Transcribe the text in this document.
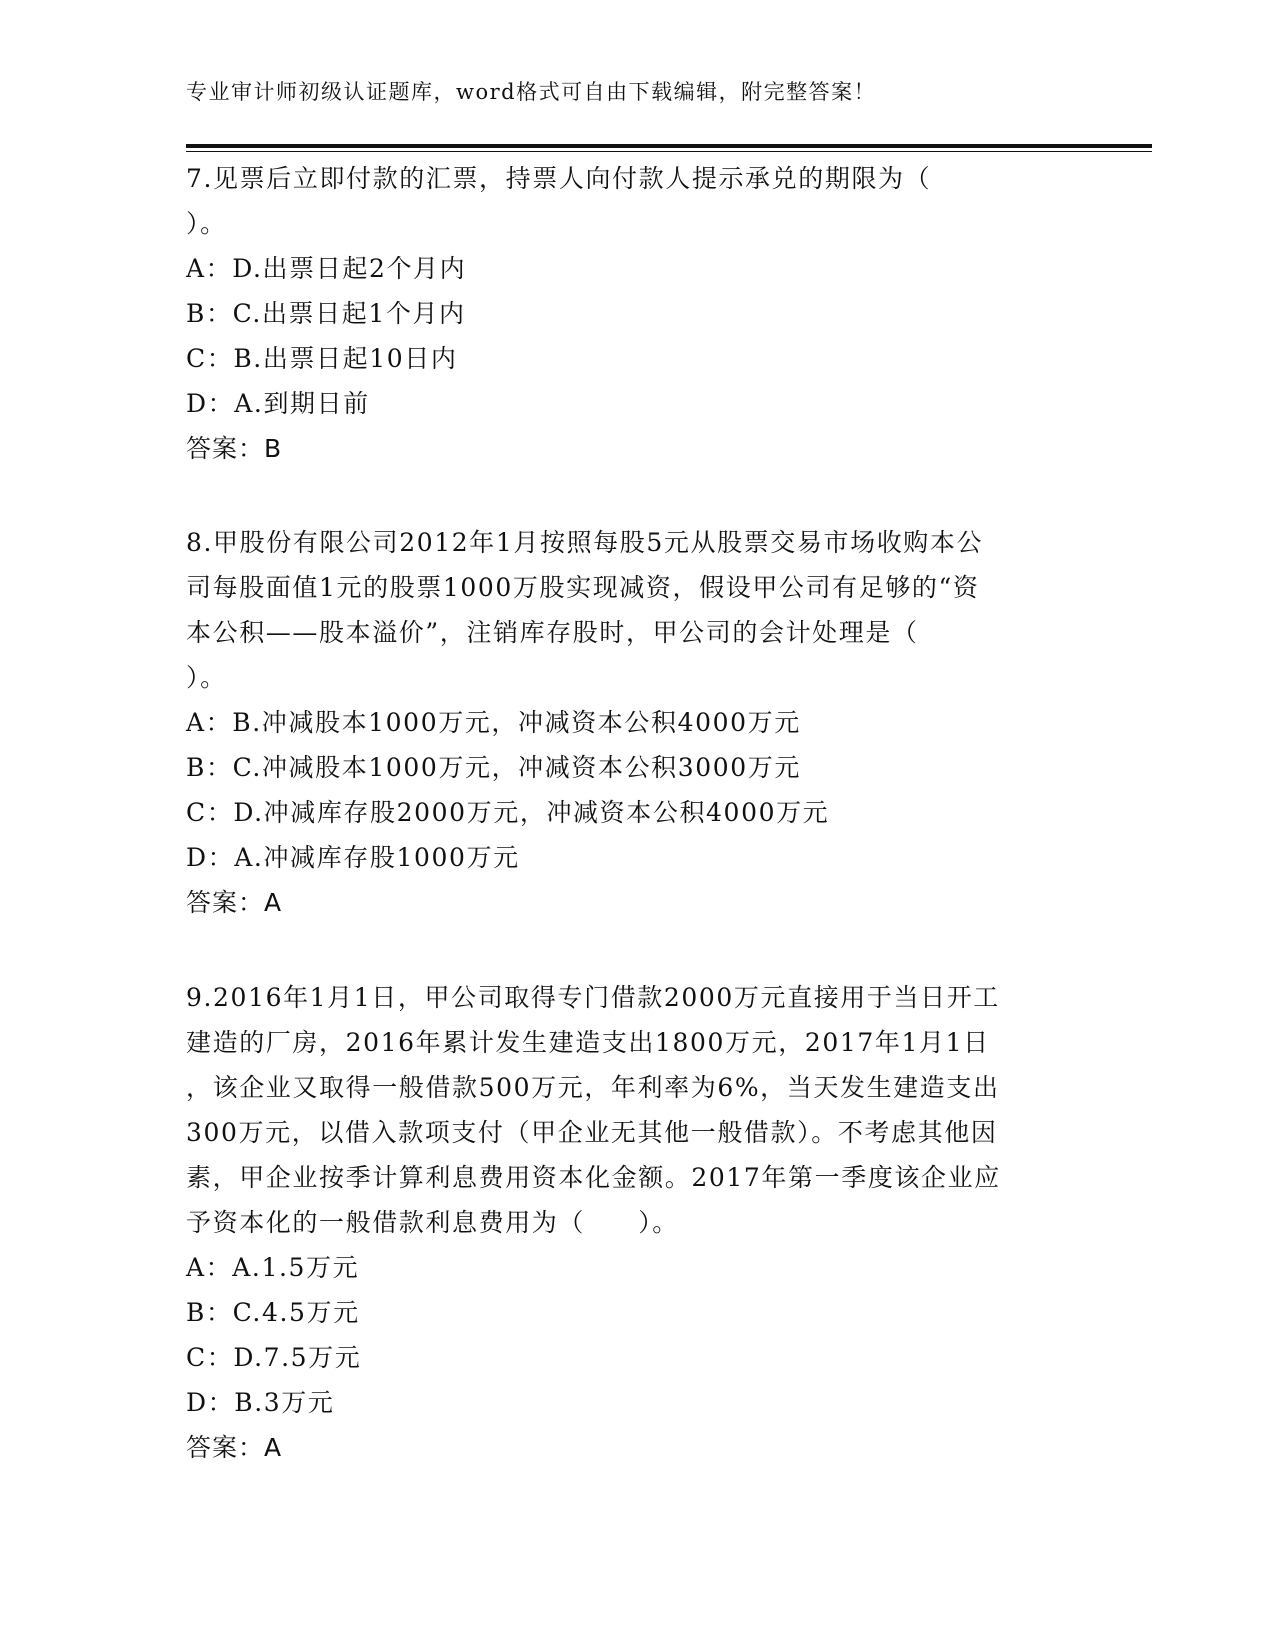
专业审计师初级认证题库，word格式可自由下载编辑，附完整答案！
7.见票后立即付款的汇票，持票人向付款人提示承兑的期限为（
）。
A：D.出票日起2个月内
B：C.出票日起1个月内
C：B.出票日起10日内
D：A.到期日前
答案：B
8.甲股份有限公司2012年1月按照每股5元从股票交易市场收购本公
司每股面值1元的股票1000万股实现减资，假设甲公司有足够的“资
本公积——股本溢价”，注销库存股时，甲公司的会计处理是（
）。
A：B.冲减股本1000万元，冲减资本公积4000万元
B：C.冲减股本1000万元，冲减资本公积3000万元
C：D.冲减库存股2000万元，冲减资本公积4000万元
D：A.冲减库存股1000万元
答案：A
9.2016年1月1日，甲公司取得专门借款2000万元直接用于当日开工
建造的厂房，2016年累计发生建造支出1800万元，2017年1月1日
，该企业又取得一般借款500万元，年利率为6%，当天发生建造支出
300万元，以借入款项支付（甲企业无其他一般借款）。不考虑其他因
素，甲企业按季计算利息费用资本化金额。2017年第一季度该企业应
予资本化的一般借款利息费用为（　　）。
A：A.1.5万元
B：C.4.5万元
C：D.7.5万元
D：B.3万元
答案：A
